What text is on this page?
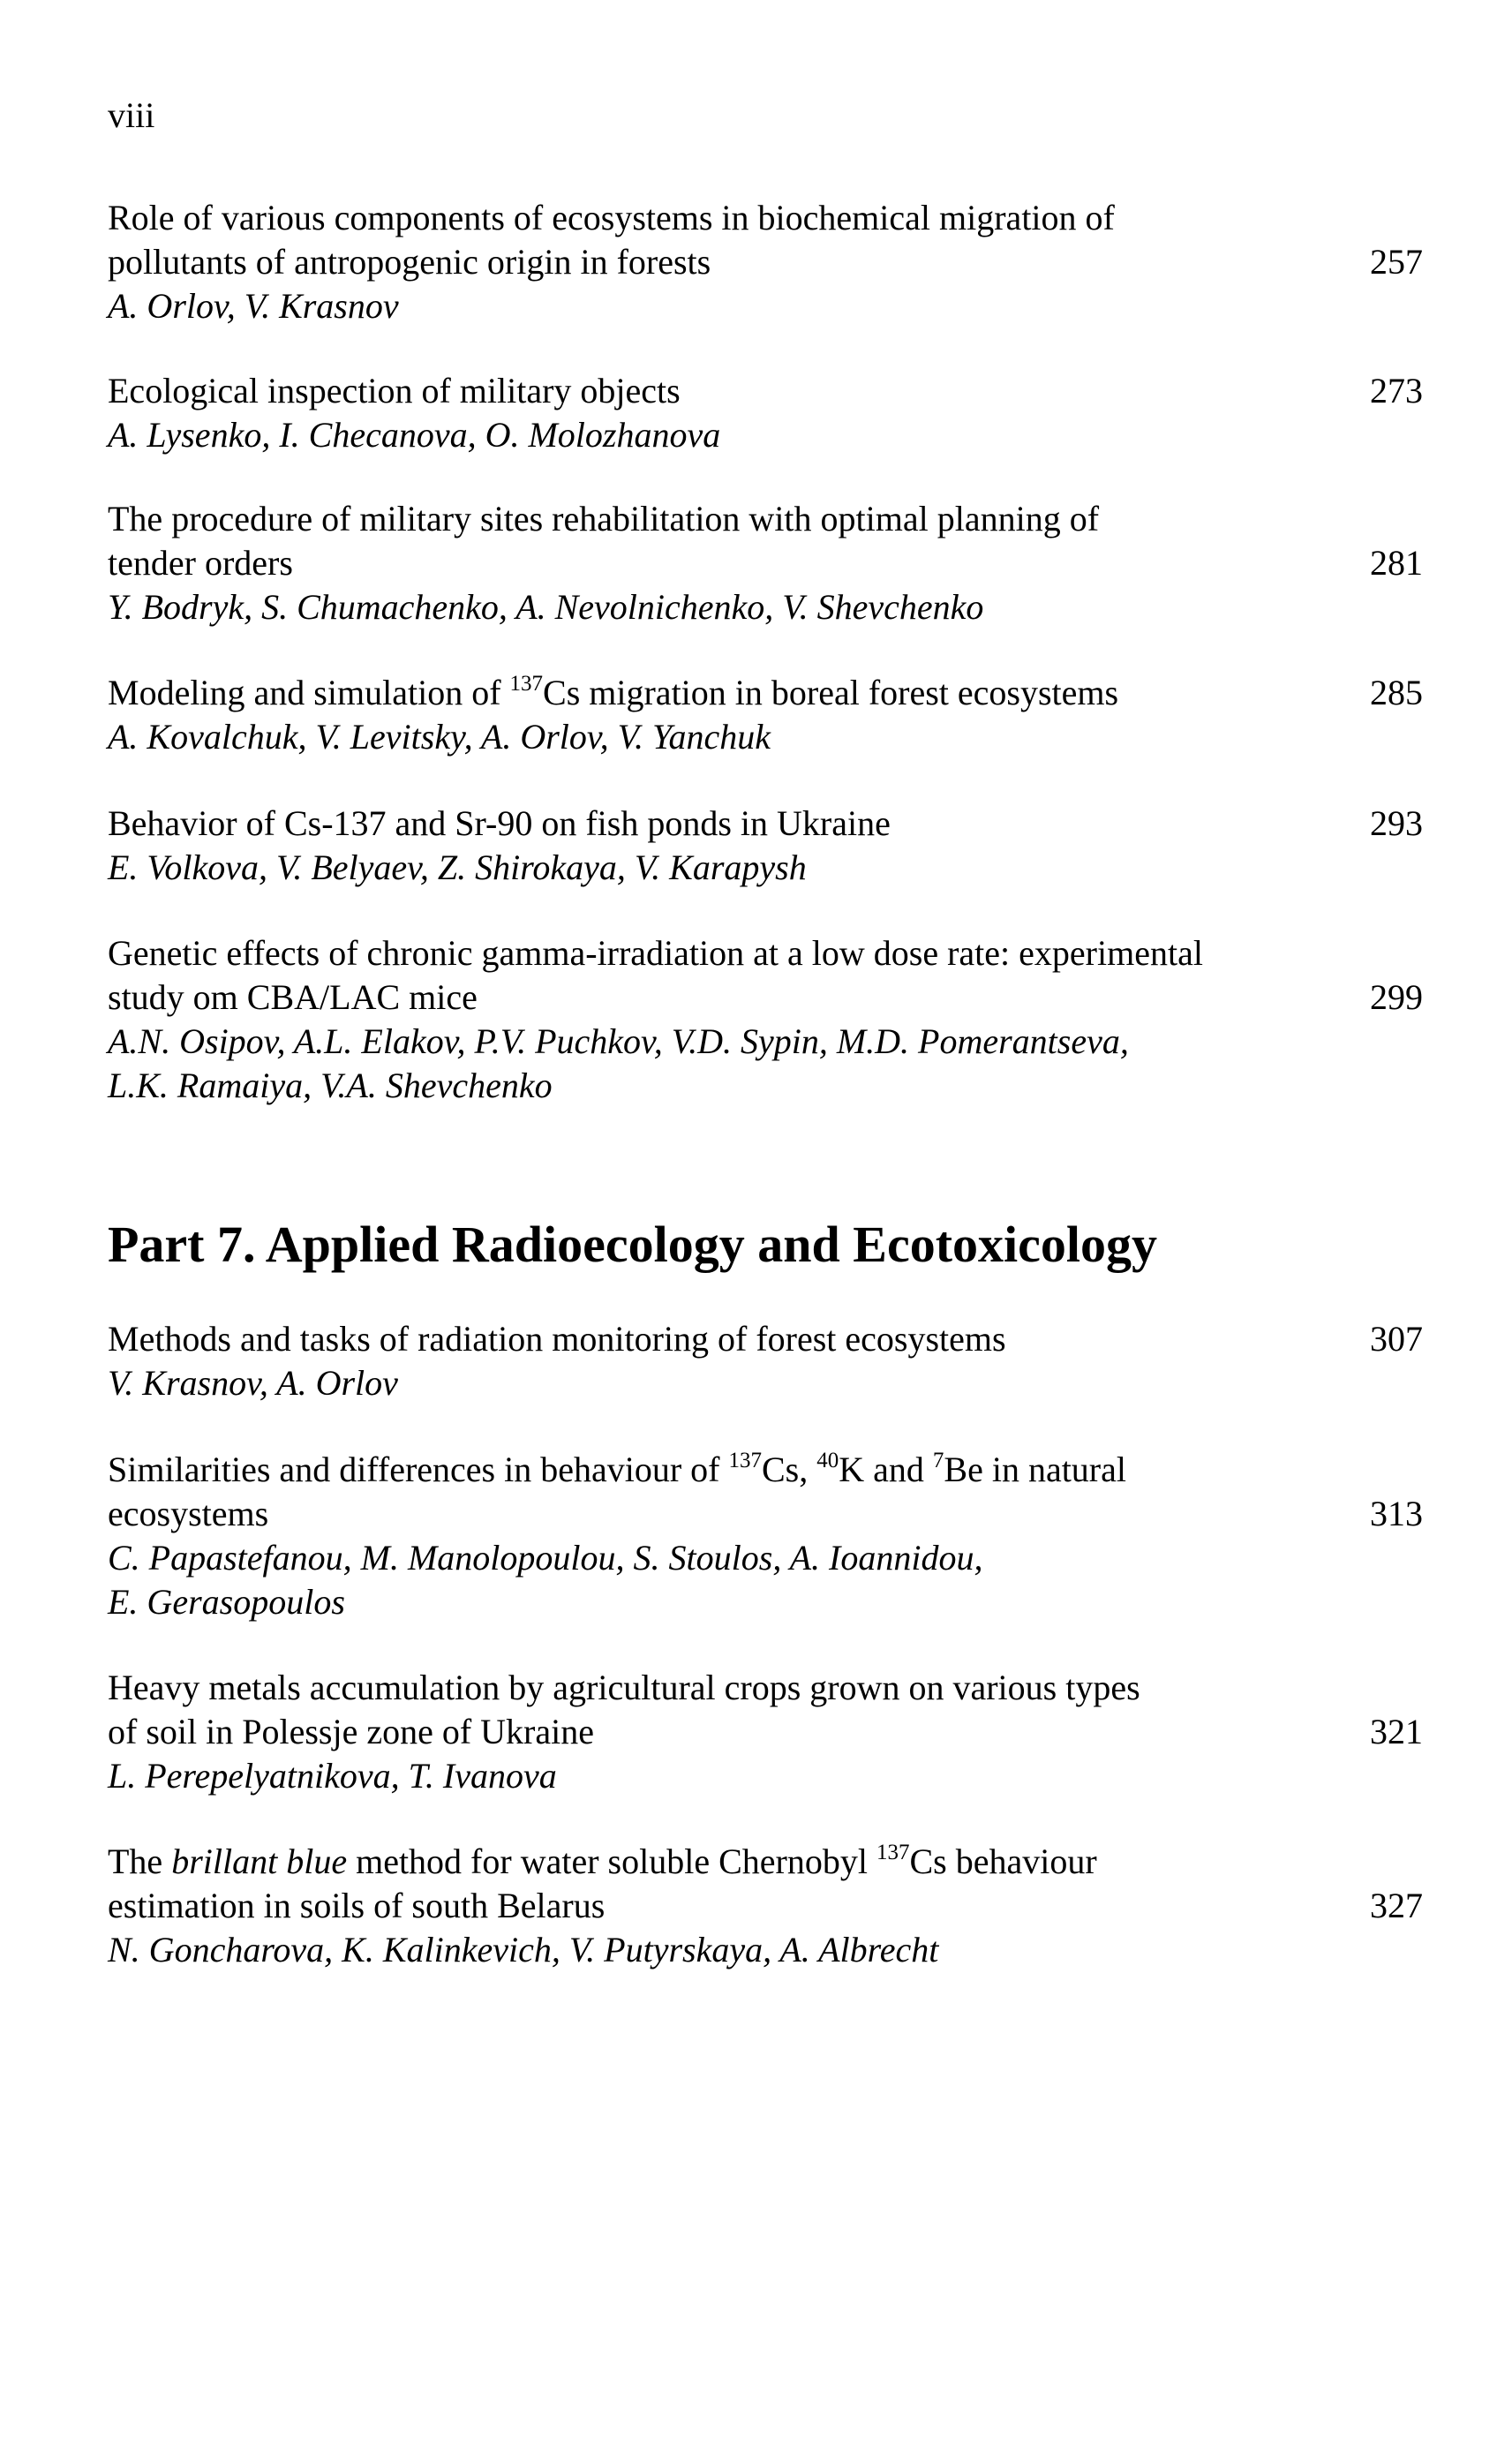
viii
Role of various components of ecosystems in biochemical migration of
pollutants of antropogenic origin in forests	257
A. Orlov, V. Krasnov
Ecological inspection of military objects	273
A. Lysenko, I. Checanova, O. Molozhanova
The procedure of military sites rehabilitation with optimal planning of
tender orders	281
Y. Bodryk, S. Chumachenko, A. Nevolnichenko, V. Shevchenko
Modeling and simulation of $^{137}$Cs migration in boreal forest ecosystems	285
A. Kovalchuk, V. Levitsky, A. Orlov, V. Yanchuk
Behavior of Cs-137 and Sr-90 on fish ponds in Ukraine	293
E. Volkova, V. Belyaev, Z. Shirokaya, V. Karapysh
Genetic effects of chronic gamma-irradiation at a low dose rate: experimental
study om CBA/LAC mice	299
A.N. Osipov, A.L. Elakov, P.V. Puchkov, V.D. Sypin, M.D. Pomerantseva,
L.K. Ramaiya, V.A. Shevchenko
Part 7. Applied Radioecology and Ecotoxicology
Methods and tasks of radiation monitoring of forest ecosystems	307
V. Krasnov, A. Orlov
Similarities and differences in behaviour of $^{137}$Cs, $^{40}$K and $^7$Be in natural
ecosystems	313
C. Papastefanou, M. Manolopoulou, S. Stoulos, A. Ioannidou,
E. Gerasopoulos
Heavy metals accumulation by agricultural crops grown on various types
of soil in Polessje zone of Ukraine	321
L. Perepelyatnikova, T. Ivanova
The brillant blue method for water soluble Chernobyl $^{137}$Cs behaviour
estimation in soils of south Belarus	327
N. Goncharova, K. Kalinkevich, V. Putyrskaya, A. Albrecht
